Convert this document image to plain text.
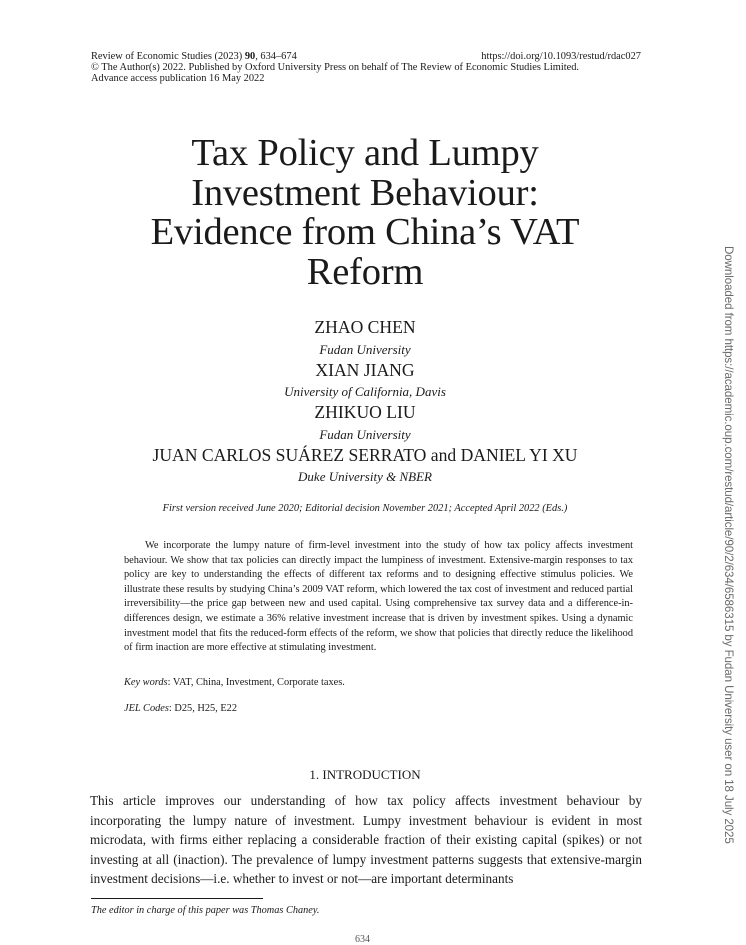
Review of Economic Studies (2023) 90, 634–674	https://doi.org/10.1093/restud/rdac027
© The Author(s) 2022. Published by Oxford University Press on behalf of The Review of Economic Studies Limited.
Advance access publication 16 May 2022
Tax Policy and Lumpy
Investment Behaviour:
Evidence from China’s VAT
Reform
ZHAO CHEN
Fudan University
XIAN JIANG
University of California, Davis
ZHIKUO LIU
Fudan University
JUAN CARLOS SUÁREZ SERRATO and DANIEL YI XU
Duke University & NBER
First version received June 2020; Editorial decision November 2021; Accepted April 2022 (Eds.)

We incorporate the lumpy nature of firm-level investment into the study of how tax policy affects investment behaviour. We show that tax policies can directly impact the lumpiness of investment. Extensive-margin responses to tax policy are key to understanding the effects of different tax reforms and to designing effective stimulus policies. We illustrate these results by studying China’s 2009 VAT reform, which lowered the tax cost of investment and reduced partial irreversibility—the price gap between new and used capital. Using comprehensive tax survey data and a difference-in-differences design, we estimate a 36% relative investment increase that is driven by investment spikes. Using a dynamic investment model that fits the reduced-form effects of the reform, we show that policies that directly reduce the likelihood of firm inaction are more effective at stimulating investment.

Key words: VAT, China, Investment, Corporate taxes.
JEL Codes: D25, H25, E22
1. INTRODUCTION

This article improves our understanding of how tax policy affects investment behaviour by incorporating the lumpy nature of investment. Lumpy investment behaviour is evident in most microdata, with firms either replacing a considerable fraction of their existing capital (spikes) or not investing at all (inaction). The prevalence of lumpy investment patterns suggests that extensive-margin investment decisions—i.e. whether to invest or not—are important determinants

The editor in charge of this paper was Thomas Chaney.
634
Downloaded from https://academic.oup.com/restud/article/90/2/634/6586315 by Fudan University user on 18 July 2025
